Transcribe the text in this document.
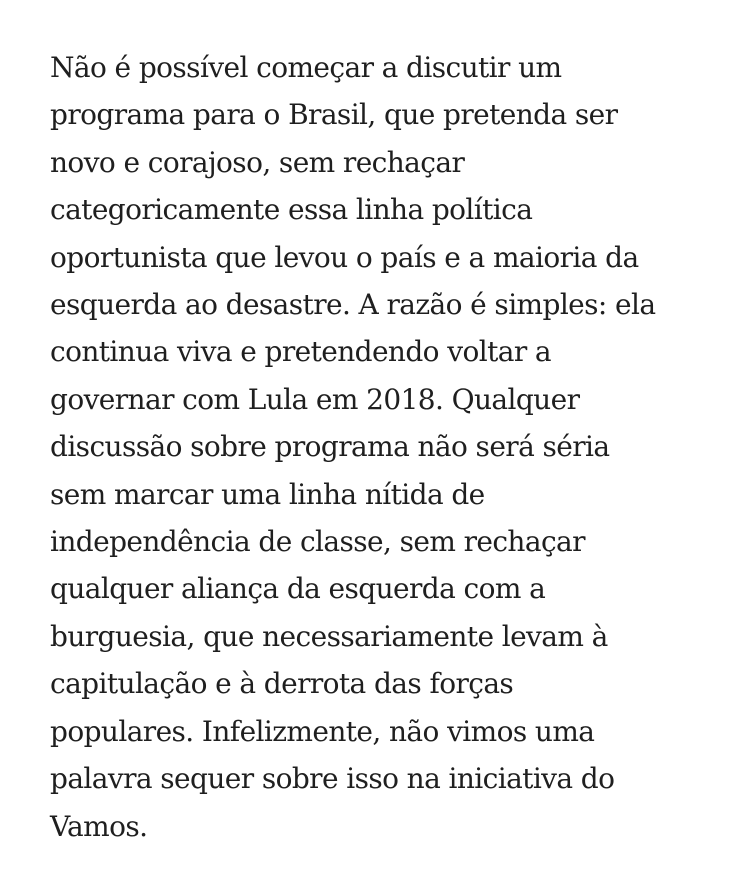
Não é possível começar a discutir um
programa para o Brasil, que pretenda ser
novo e corajoso, sem rechaçar
categoricamente essa linha política
oportunista que levou o país e a maioria da
esquerda ao desastre. A razão é simples: ela
continua viva e pretendendo voltar a
governar com Lula em 2018. Qualquer
discussão sobre programa não será séria
sem marcar uma linha nítida de
independência de classe, sem rechaçar
qualquer aliança da esquerda com a
burguesia, que necessariamente levam à
capitulação e à derrota das forças
populares. Infelizmente, não vimos uma
palavra sequer sobre isso na iniciativa do
Vamos.
